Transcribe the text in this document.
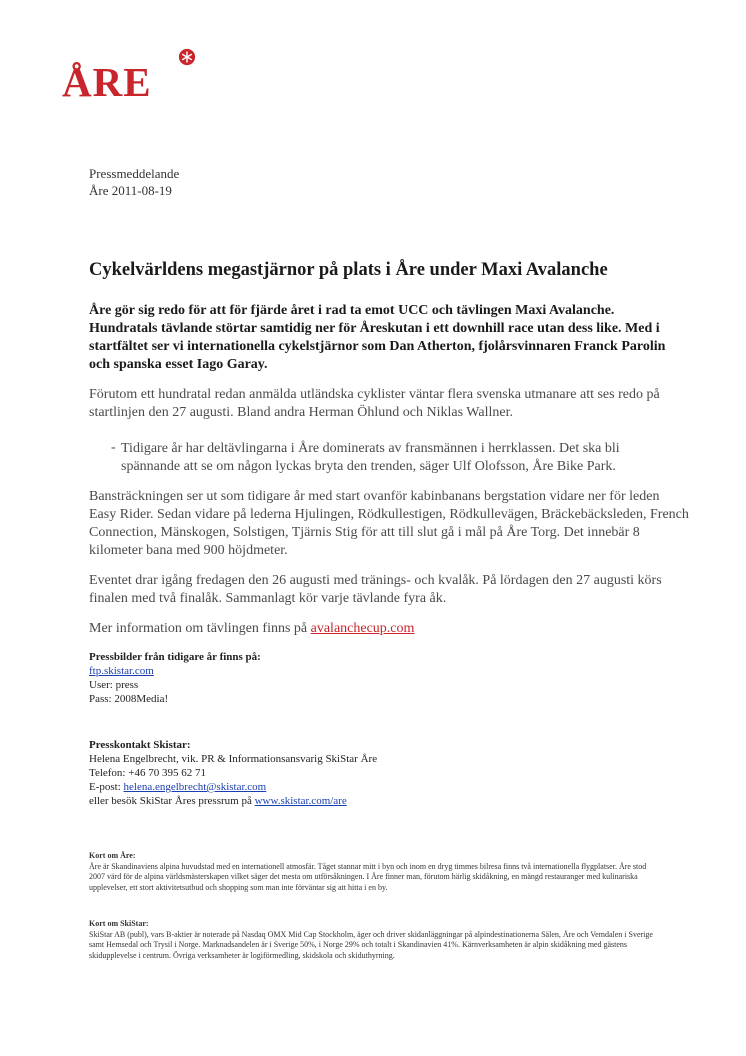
ÅRE
Pressmeddelande
Åre 2011-08-19
Cykelvärldens megastjärnor på plats i Åre under Maxi Avalanche
Åre gör sig redo för att för fjärde året i rad ta emot UCC och tävlingen Maxi Avalanche. Hundratals tävlande störtar samtidig ner för Åreskutan i ett downhill race utan dess like. Med i startfältet ser vi internationella cykelstjärnor som Dan Atherton, fjolårsvinnaren Franck Parolin och spanska esset Iago Garay.
Förutom ett hundratal redan anmälda utländska cyklister väntar flera svenska utmanare att ses redo på startlinjen den 27 augusti. Bland andra Herman Öhlund och Niklas Wallner.
- Tidigare år har deltävlingarna i Åre dominerats av fransmännen i herrklassen. Det ska bli spännande att se om någon lyckas bryta den trenden, säger Ulf Olofsson, Åre Bike Park.
Bansträckningen ser ut som tidigare år med start ovanför kabinbanans bergstation vidare ner för leden Easy Rider. Sedan vidare på lederna Hjulingen, Rödkullestigen, Rödkullevägen, Bräckebäcksleden, French Connection, Mänskogen, Solstigen, Tjärnis Stig för att till slut gå i mål på Åre Torg. Det innebär 8 kilometer bana med 900 höjdmeter.
Eventet drar igång fredagen den 26 augusti med tränings- och kvalåk. På lördagen den 27 augusti körs finalen med två finalåk. Sammanlagt kör varje tävlande fyra åk.
Mer information om tävlingen finns på avalanchecup.com
Pressbilder från tidigare år finns på:
ftp.skistar.com
User: press
Pass: 2008Media!
Presskontakt Skistar:
Helena Engelbrecht, vik. PR & Informationsansvarig SkiStar Åre
Telefon: +46 70 395 62 71
E-post: helena.engelbrecht@skistar.com
eller besök SkiStar Åres pressrum på www.skistar.com/are
Kort om Åre:
Åre är Skandinaviens alpina huvudstad med en internationell atmosfär. Tåget stannar mitt i byn och inom en dryg timmes bilresa finns två internationella flygplatser. Åre stod 2007 värd för de alpina världsmästerskapen vilket säger det mesta om utförsåkningen. I Åre finner man, förutom härlig skidåkning, en mängd restauranger med kulinariska upplevelser, ett stort aktivitetsutbud och shopping som man inte förväntar sig att hitta i en by.
Kort om SkiStar:
SkiStar AB (publ), vars B-aktier är noterade på Nasdaq OMX Mid Cap Stockholm, äger och driver skidanläggningar på alpindestinationerna Sälen, Åre och Vemdalen i Sverige samt Hemsedal och Trysil i Norge. Marknadsandelen är i Sverige 50%, i Norge 29% och totalt i Skandinavien 41%. Kärnverksamheten är alpin skidåkning med gästens skidupplevelse i centrum. Övriga verksamheter är logiförmedling, skidskola och skiduthyrning.
